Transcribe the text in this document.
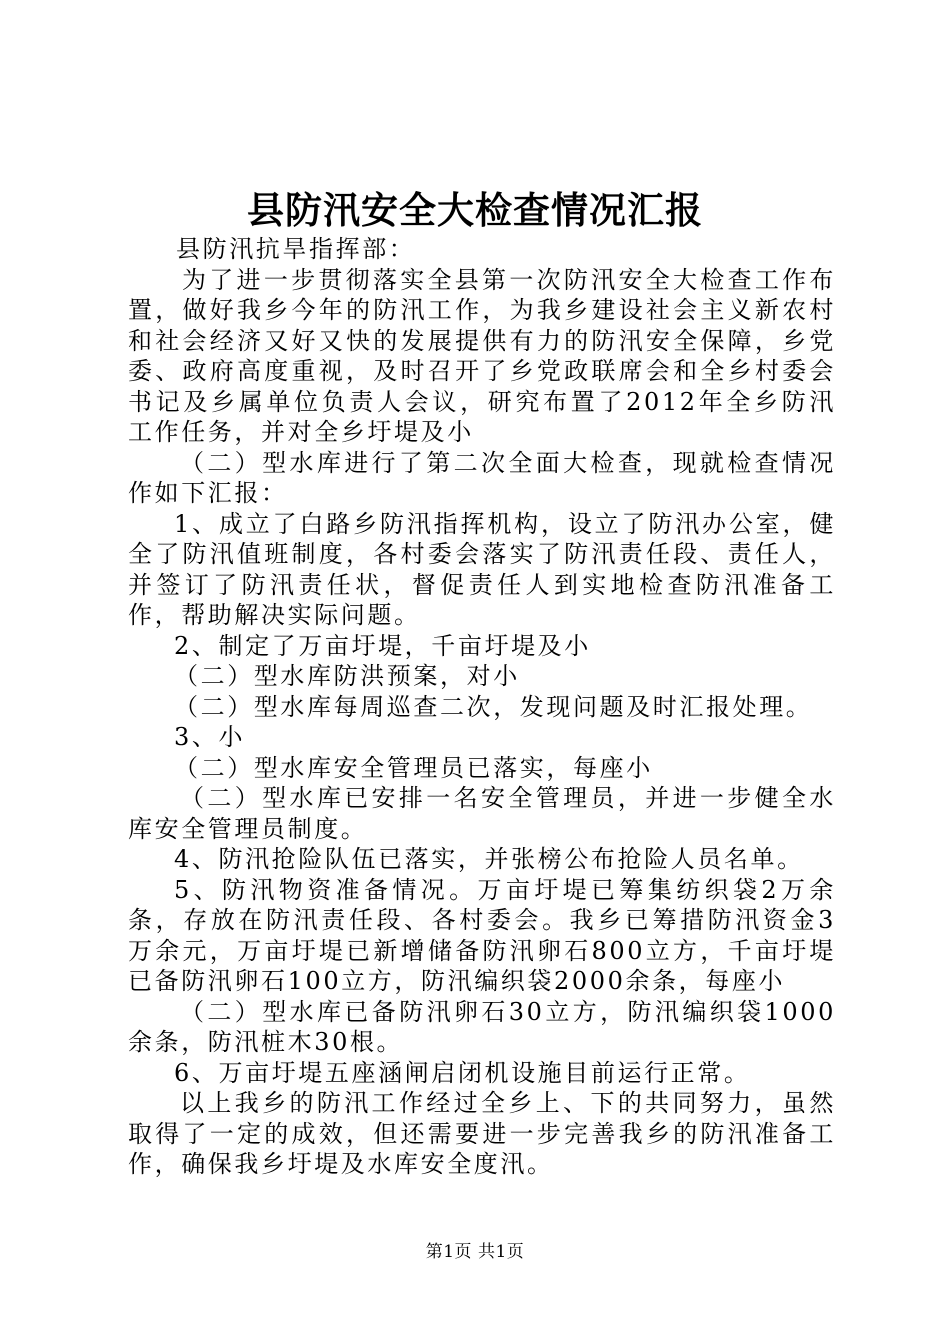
县防汛安全大检查情况汇报

县防汛抗旱指挥部：

为了进一步贯彻落实全县第一次防汛安全大检查工作布置，做好我乡今年的防汛工作，为我乡建设社会主义新农村和社会经济又好又快的发展提供有力的防汛安全保障，乡党委、政府高度重视，及时召开了乡党政联席会和全乡村委会书记及乡属单位负责人会议，研究布置了2012年全乡防汛工作任务，并对全乡圩堤及小

（二）型水库进行了第二次全面大检查，现就检查情况作如下汇报：

1、成立了白路乡防汛指挥机构，设立了防汛办公室，健全了防汛值班制度，各村委会落实了防汛责任段、责任人，并签订了防汛责任状，督促责任人到实地检查防汛准备工作，帮助解决实际问题。

2、制定了万亩圩堤，千亩圩堤及小

（二）型水库防洪预案，对小

（二）型水库每周巡查二次，发现问题及时汇报处理。

3、小

（二）型水库安全管理员已落实，每座小

（二）型水库已安排一名安全管理员，并进一步健全水库安全管理员制度。

4、防汛抢险队伍已落实，并张榜公布抢险人员名单。

5、防汛物资准备情况。万亩圩堤已筹集纺织袋2万余条，存放在防汛责任段、各村委会。我乡已筹措防汛资金3万余元，万亩圩堤已新增储备防汛卵石800立方，千亩圩堤已备防汛卵石100立方，防汛编织袋2000余条，每座小

（二）型水库已备防汛卵石30立方，防汛编织袋1000余条，防汛桩木30根。

6、万亩圩堤五座涵闸启闭机设施目前运行正常。

以上我乡的防汛工作经过全乡上、下的共同努力，虽然取得了一定的成效，但还需要进一步完善我乡的防汛准备工作，确保我乡圩堤及水库安全度汛。

第1页 共1页
